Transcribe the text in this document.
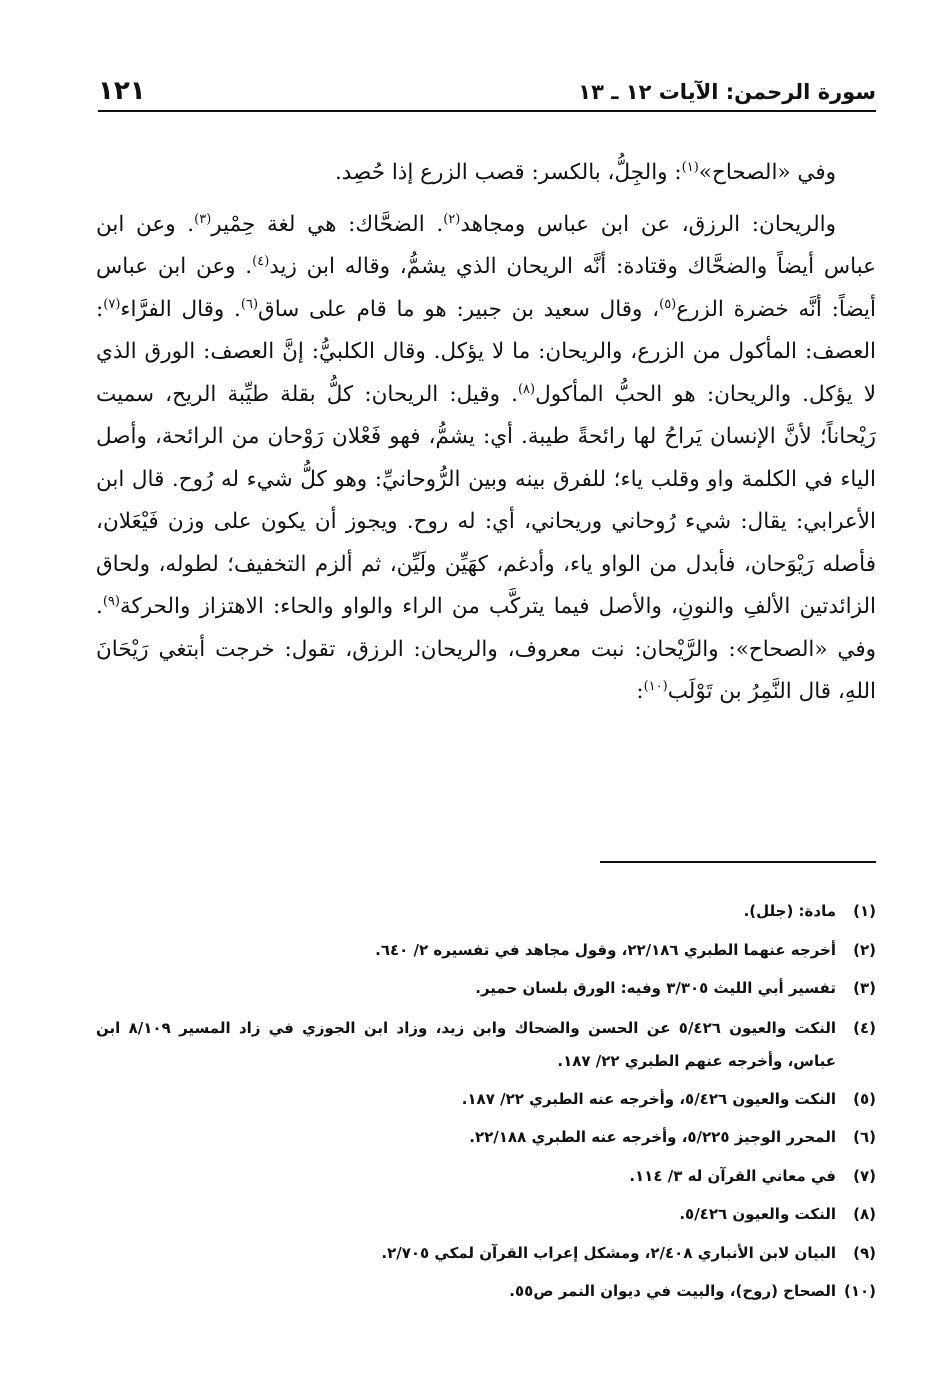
سورة الرحمن: الآيات ١٢ ـ ١٣
١٢١

وفي «الصحاح»$^{(١)}$: والجِلُّ، بالكسر: قصب الزرع إذا حُصِد.

والريحان: الرزق، عن ابن عباس ومجاهد$^{(٢)}$. الضحَّاك: هي لغة حِمْير$^{(٣)}$. وعن ابن عباس أيضاً والضحَّاك وقتادة: أنَّه الريحان الذي يشمُّ، وقاله ابن زيد$^{(٤)}$. وعن ابن عباس أيضاً: أنَّه خضرة الزرع$^{(٥)}$، وقال سعيد بن جبير: هو ما قام على ساق$^{(٦)}$. وقال الفرَّاء$^{(٧)}$: العصف: المأكول من الزرع، والريحان: ما لا يؤكل. وقال الكلبيُّ: إنَّ العصف: الورق الذي لا يؤكل. والريحان: هو الحبُّ المأكول$^{(٨)}$. وقيل: الريحان: كلُّ بقلة طيِّبة الريح، سميت رَيْحاناً؛ لأنَّ الإنسان يَراحُ لها رائحةً طيبة. أي: يشمُّ، فهو فَعْلان رَوْحان من الرائحة، وأصل الياء في الكلمة واو وقلب ياء؛ للفرق بينه وبين الرُّوحانيِّ: وهو كلُّ شيء له رُوح. قال ابن الأعرابي: يقال: شيء رُوحاني وريحاني، أي: له روح. ويجوز أن يكون على وزن فَيْعَلان، فأصله رَيْوَحان، فأبدل من الواو ياء، وأدغم، كهَيِّن ولَيِّن، ثم ألزم التخفيف؛ لطوله، ولحاق الزائدتين الألفِ والنونِ، والأصل فيما يتركَّب من الراء والواو والحاء: الاهتزاز والحركة$^{(٩)}$. وفي «الصحاح»: والرَّيْحان: نبت معروف، والريحان: الرزق، تقول: خرجت أبتغي رَيْحَانَ اللهِ، قال النَّمِرُ بن تَوْلَب$^{(١٠)}$:

(١)
مادة: (جلل).
(٢)
أخرجه عنهما الطبري ٢٢/١٨٦، وقول مجاهد في تفسيره ٢/ ٦٤٠.
(٣)
تفسير أبي الليث ٣/٣٠٥ وفيه: الورق بلسان حمير.
(٤)
النكت والعيون ٥/٤٢٦ عن الحسن والضحاك وابن زيد، وزاد ابن الجوزي في زاد المسير ٨/١٠٩ ابن عباس، وأخرجه عنهم الطبري ٢٢/ ١٨٧.
(٥)
النكت والعيون ٥/٤٢٦، وأخرجه عنه الطبري ٢٢/ ١٨٧.
(٦)
المحرر الوجيز ٥/٢٢٥، وأخرجه عنه الطبري ٢٢/١٨٨.
(٧)
في معاني القرآن له ٣/ ١١٤.
(٨)
النكت والعيون ٥/٤٢٦.
(٩)
البيان لابن الأنباري ٢/٤٠٨، ومشكل إعراب القرآن لمكي ٢/٧٠٥.
(١٠)
الصحاح (روح)، والبيت في ديوان النمر ص٥٥.
